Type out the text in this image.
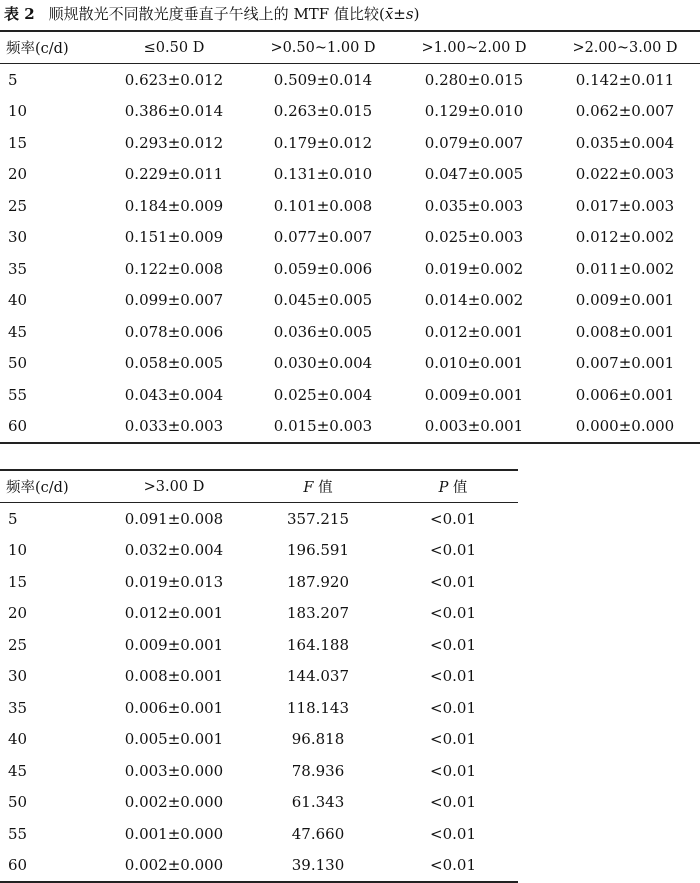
表 2 顺规散光不同散光度垂直子午线上的 MTF 值比较(x̄±s)
频率(c/d)	≤0.50 D	>0.50~1.00 D	>1.00~2.00 D	>2.00~3.00 D
5	0.623±0.012	0.509±0.014	0.280±0.015	0.142±0.011
10	0.386±0.014	0.263±0.015	0.129±0.010	0.062±0.007
15	0.293±0.012	0.179±0.012	0.079±0.007	0.035±0.004
20	0.229±0.011	0.131±0.010	0.047±0.005	0.022±0.003
25	0.184±0.009	0.101±0.008	0.035±0.003	0.017±0.003
30	0.151±0.009	0.077±0.007	0.025±0.003	0.012±0.002
35	0.122±0.008	0.059±0.006	0.019±0.002	0.011±0.002
40	0.099±0.007	0.045±0.005	0.014±0.002	0.009±0.001
45	0.078±0.006	0.036±0.005	0.012±0.001	0.008±0.001
50	0.058±0.005	0.030±0.004	0.010±0.001	0.007±0.001
55	0.043±0.004	0.025±0.004	0.009±0.001	0.006±0.001
60	0.033±0.003	0.015±0.003	0.003±0.001	0.000±0.000
频率(c/d)	>3.00 D	F 值	P 值
5	0.091±0.008	357.215	<0.01
10	0.032±0.004	196.591	<0.01
15	0.019±0.013	187.920	<0.01
20	0.012±0.001	183.207	<0.01
25	0.009±0.001	164.188	<0.01
30	0.008±0.001	144.037	<0.01
35	0.006±0.001	118.143	<0.01
40	0.005±0.001	96.818	<0.01
45	0.003±0.000	78.936	<0.01
50	0.002±0.000	61.343	<0.01
55	0.001±0.000	47.660	<0.01
60	0.002±0.000	39.130	<0.01
